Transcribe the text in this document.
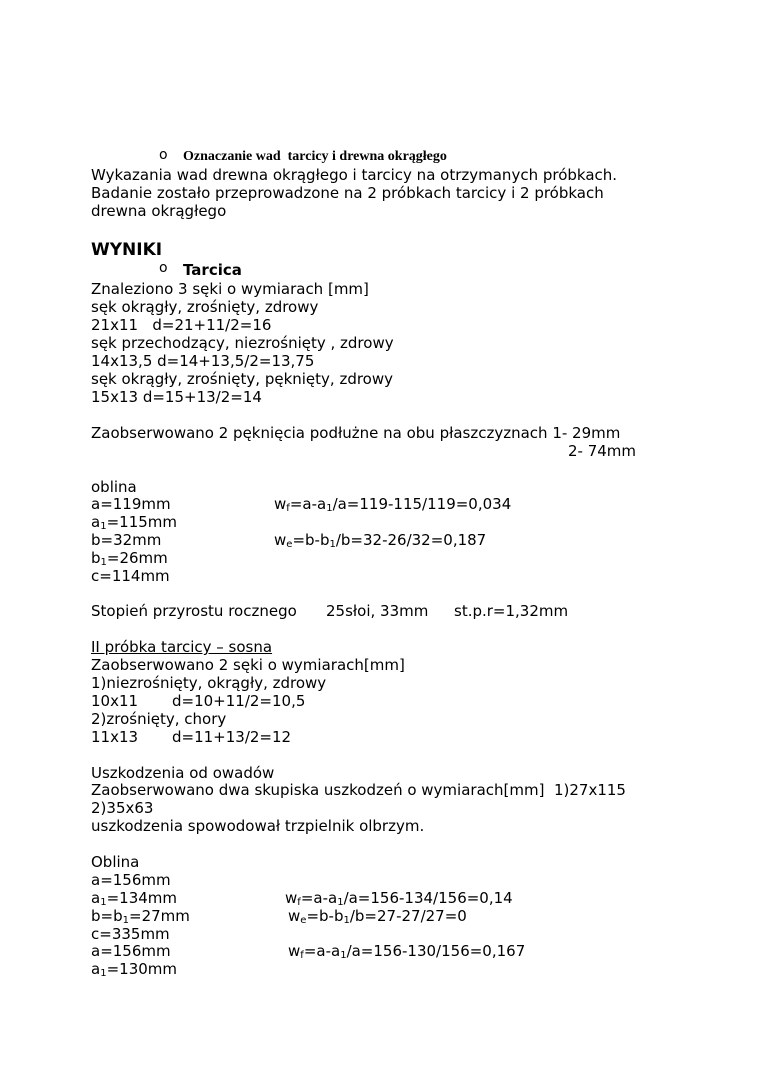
o Oznaczanie wad  tarcicy i drewna okrągłego
Wykazania wad drewna okrągłego i tarcicy na otrzymanych próbkach.
Badanie zostało przeprowadzone na 2 próbkach tarcicy i 2 próbkach
drewna okrągłego
WYNIKI
o Tarcica
Znaleziono 3 sęki o wymiarach [mm]
sęk okrągły, zrośnięty, zdrowy
21x11   d=21+11/2=16
sęk przechodzący, niezrośnięty , zdrowy
14x13,5 d=14+13,5/2=13,75
sęk okrągły, zrośnięty, pęknięty, zdrowy
15x13 d=15+13/2=14
Zaobserwowano 2 pęknięcia podłużne na obu płaszczyznach 1- 29mm
2- 74mm
oblina
a=119mm	$w_f=a-a_1/a=119-115/119=0,034$
$a_1=115mm$
b=32mm	$w_e=b-b_1/b=32-26/32=0,187$
$b_1=26mm$
c=114mm
Stopień przyrostu rocznego 25słoi, 33mm st.p.r=1,32mm
II próbka tarcicy – sosna
Zaobserwowano 2 sęki o wymiarach[mm]
1)niezrośnięty, okrągły, zdrowy
10x11 d=10+11/2=10,5
2)zrośnięty, chory
11x13 d=11+13/2=12
Uszkodzenia od owadów
Zaobserwowano dwa skupiska uszkodzeń o wymiarach[mm]  1)27x115
2)35x63
uszkodzenia spowodował trzpielnik olbrzym.
Oblina
a=156mm
$a_1=134mm$	$w_f=a-a_1/a=156-134/156=0,14$
$b=b_1=27mm$	$w_e=b-b_1/b=27-27/27=0$
c=335mm
a=156mm	$w_f=a-a_1/a=156-130/156=0,167$
$a_1=130mm$
